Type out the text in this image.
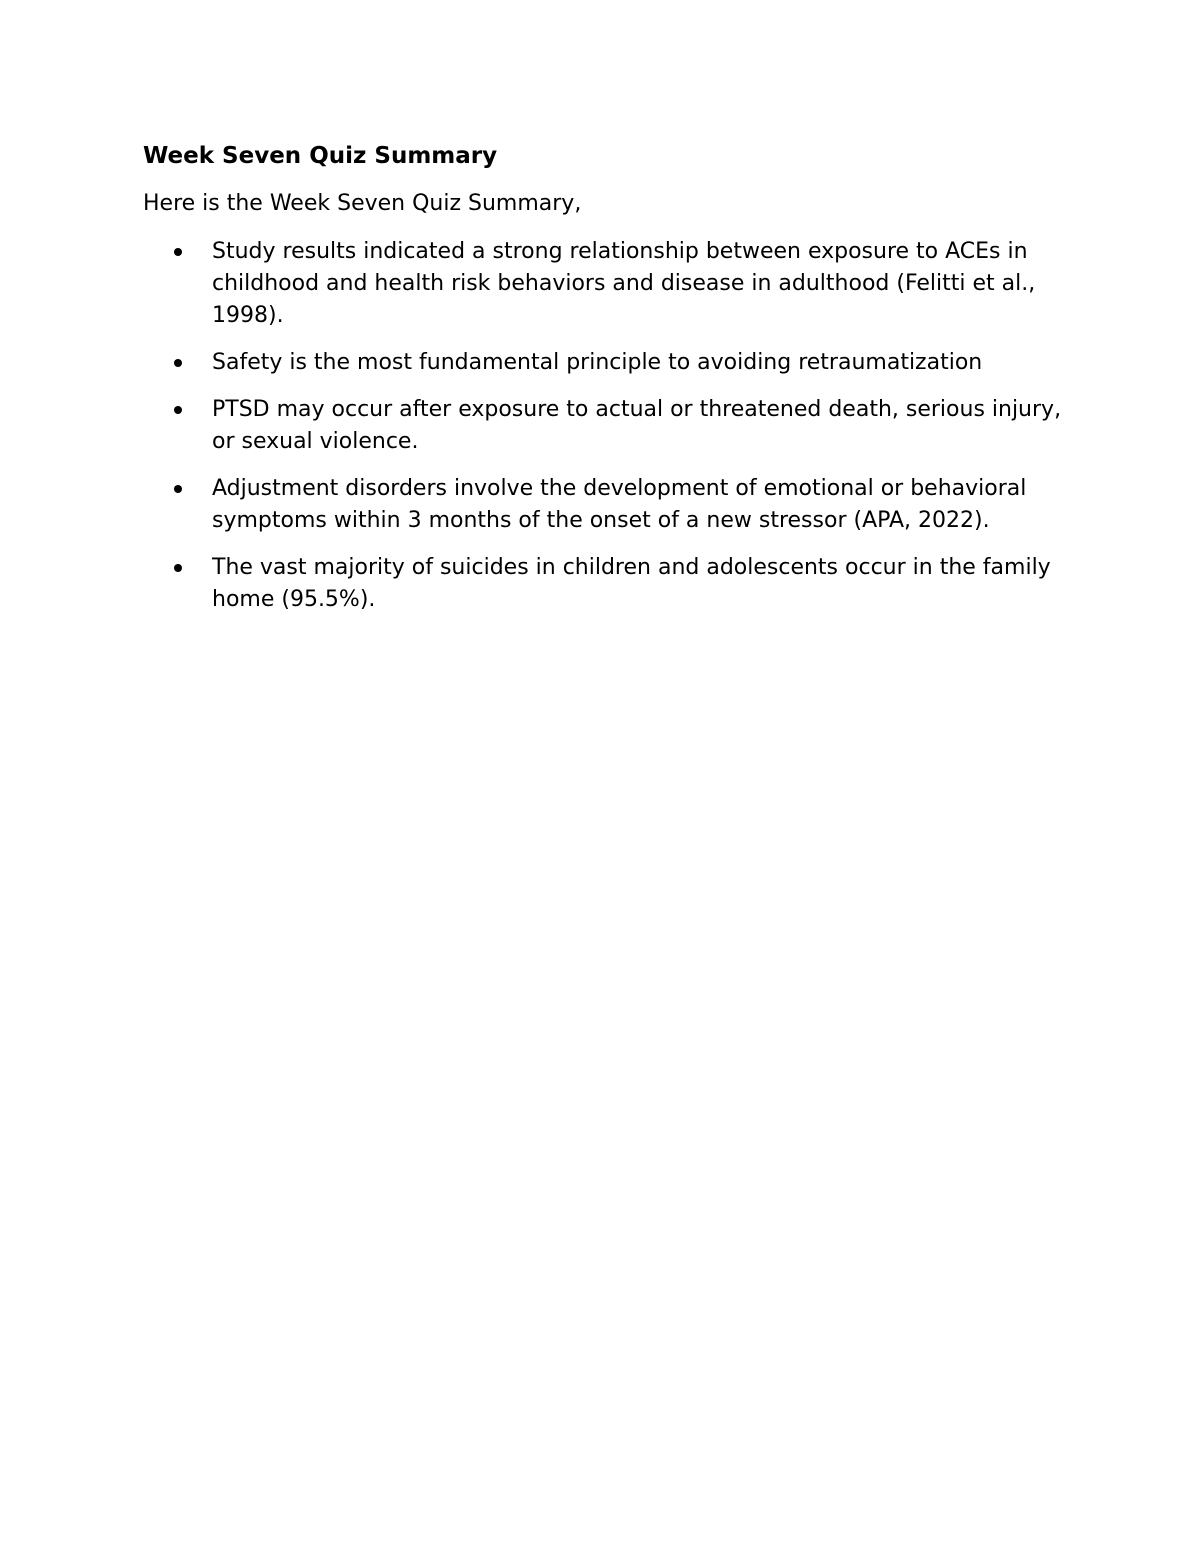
Week Seven Quiz Summary

Here is the Week Seven Quiz Summary,

Study results indicated a strong relationship between exposure to ACEs in childhood and health risk behaviors and disease in adulthood (Felitti et al., 1998).
Safety is the most fundamental principle to avoiding retraumatization
PTSD may occur after exposure to actual or threatened death, serious injury, or sexual violence.
Adjustment disorders involve the development of emotional or behavioral symptoms within 3 months of the onset of a new stressor (APA, 2022).
The vast majority of suicides in children and adolescents occur in the family home (95.5%).
